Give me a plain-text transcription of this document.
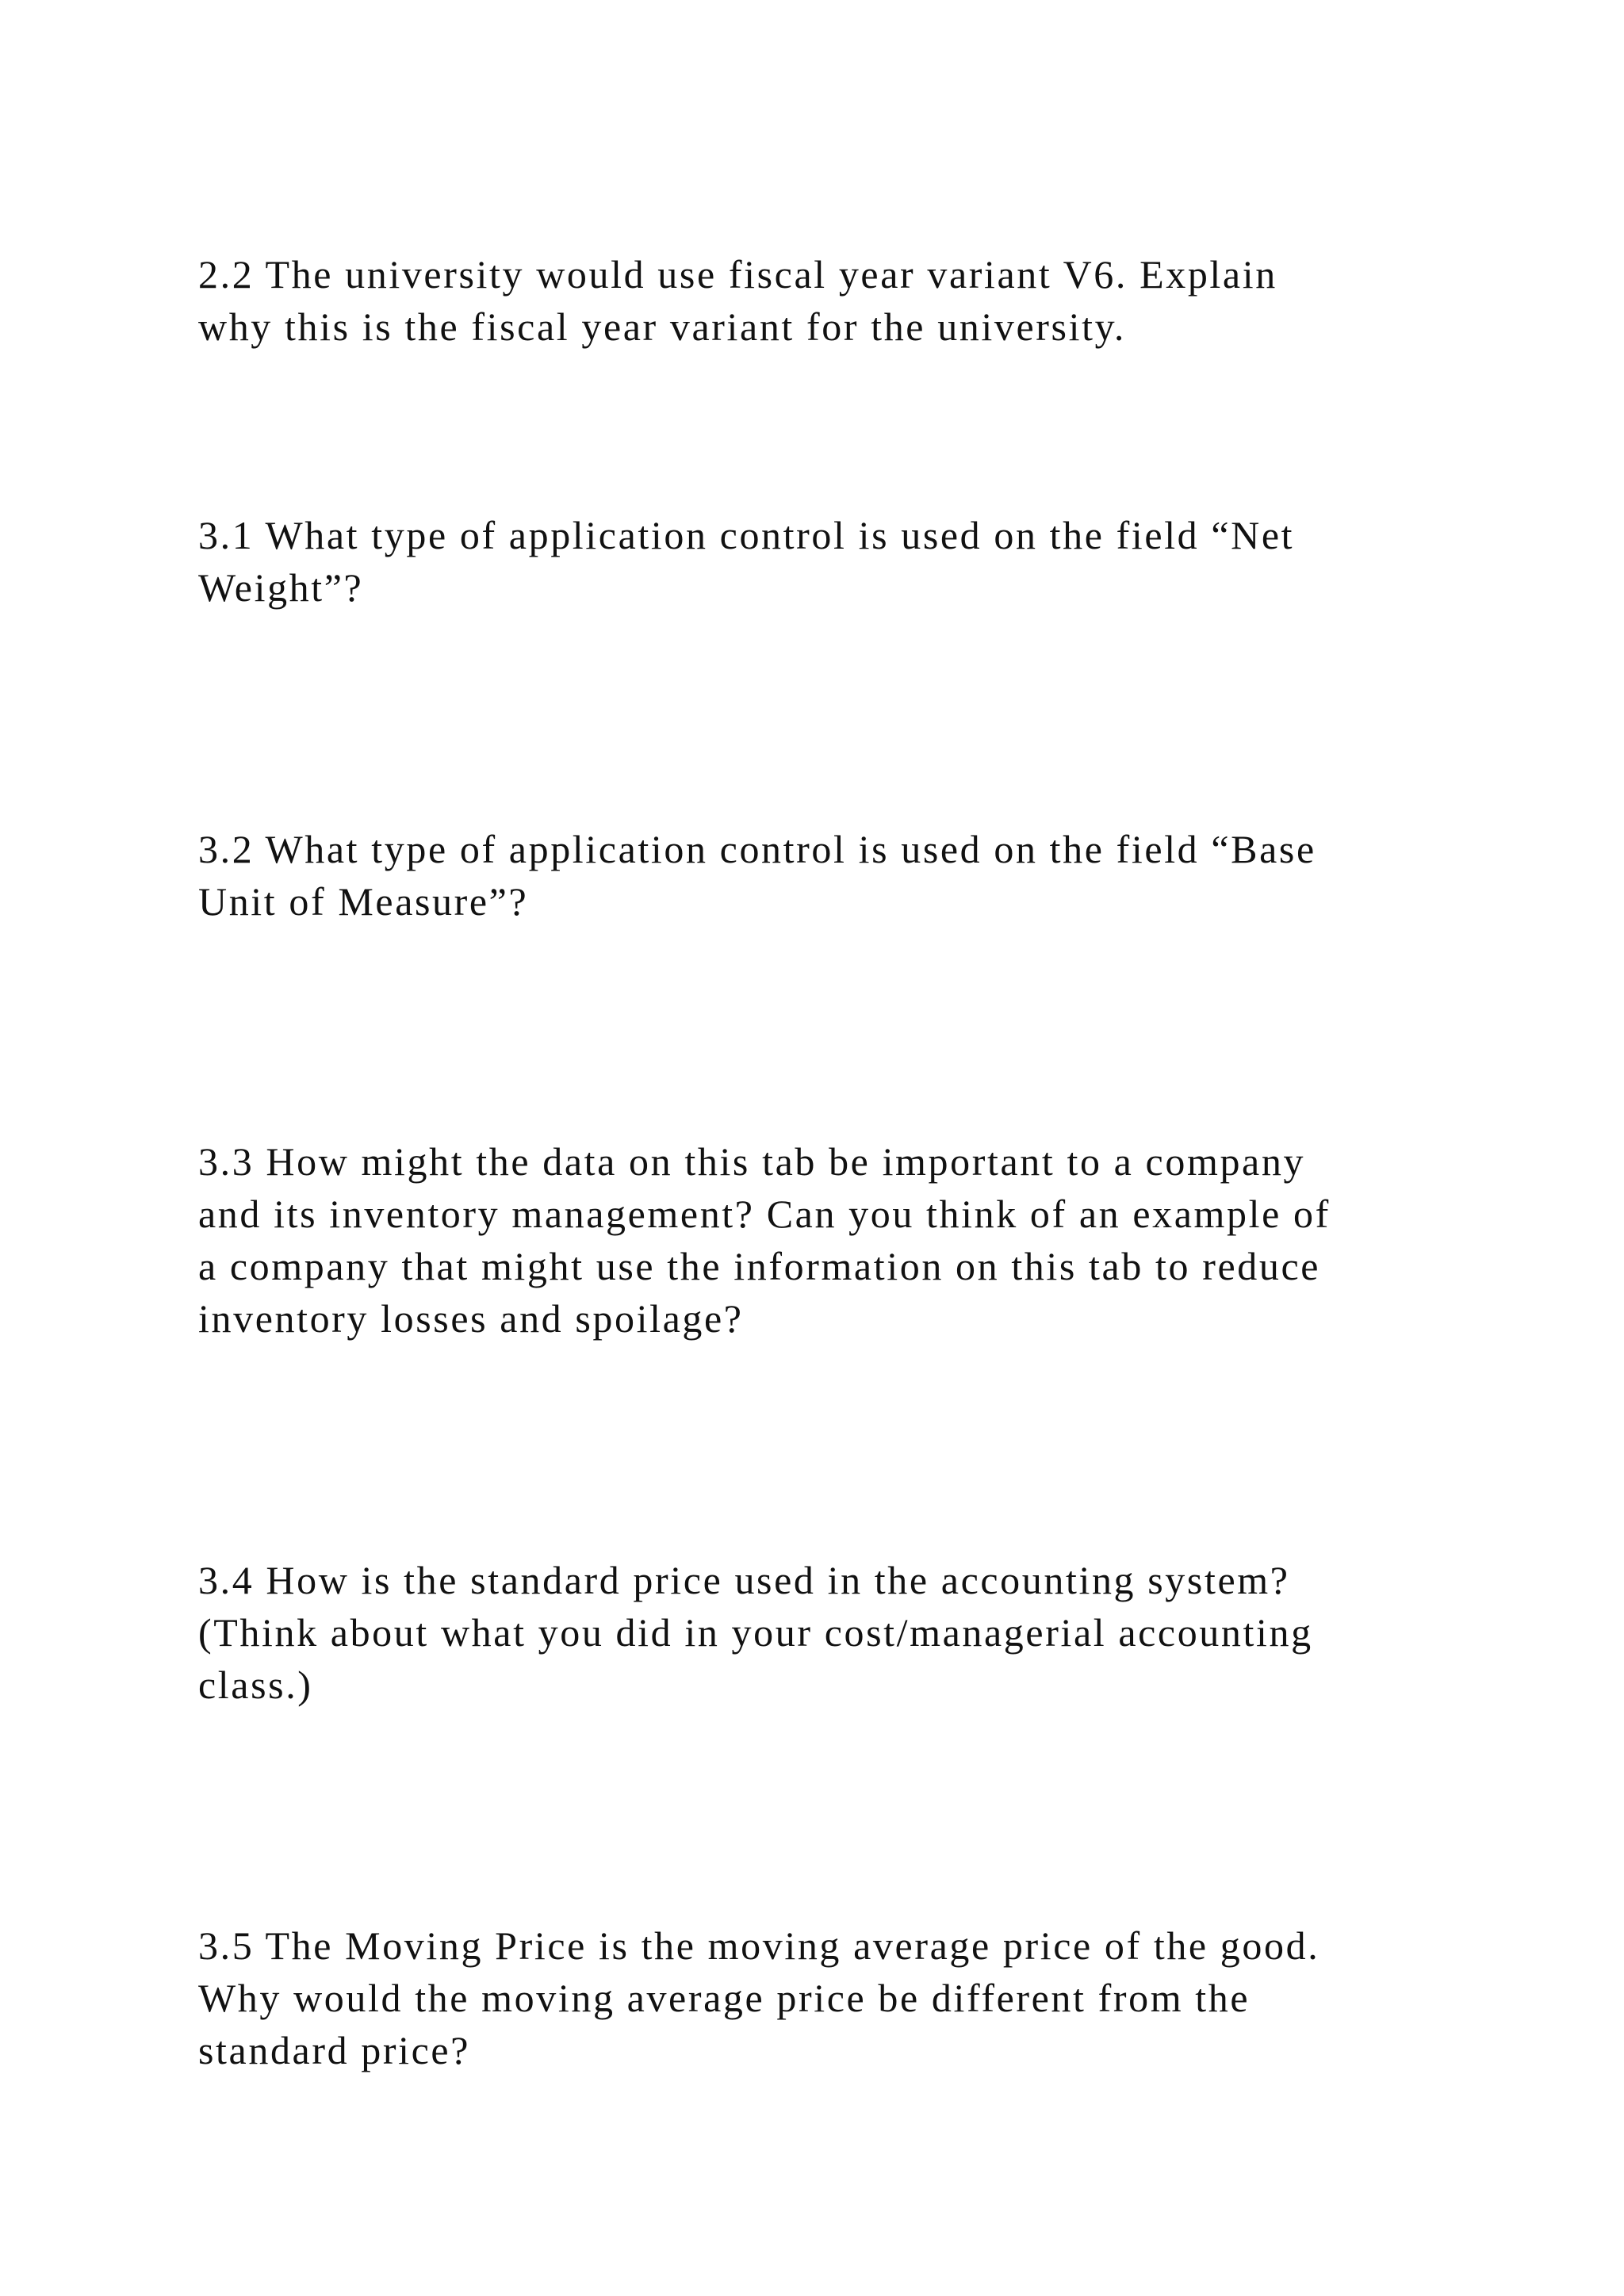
2.2 The university would use fiscal year variant V6. Explain
why this is the fiscal year variant for the university.

3.1 What type of application control is used on the field “Net
Weight”?

3.2 What type of application control is used on the field “Base
Unit of Measure”?

3.3 How might the data on this tab be important to a company
and its inventory management? Can you think of an example of
a company that might use the information on this tab to reduce
inventory losses and spoilage?

3.4 How is the standard price used in the accounting system?
(Think about what you did in your cost/managerial accounting
class.)

3.5 The Moving Price is the moving average price of the good.
Why would the moving average price be different from the
standard price?
